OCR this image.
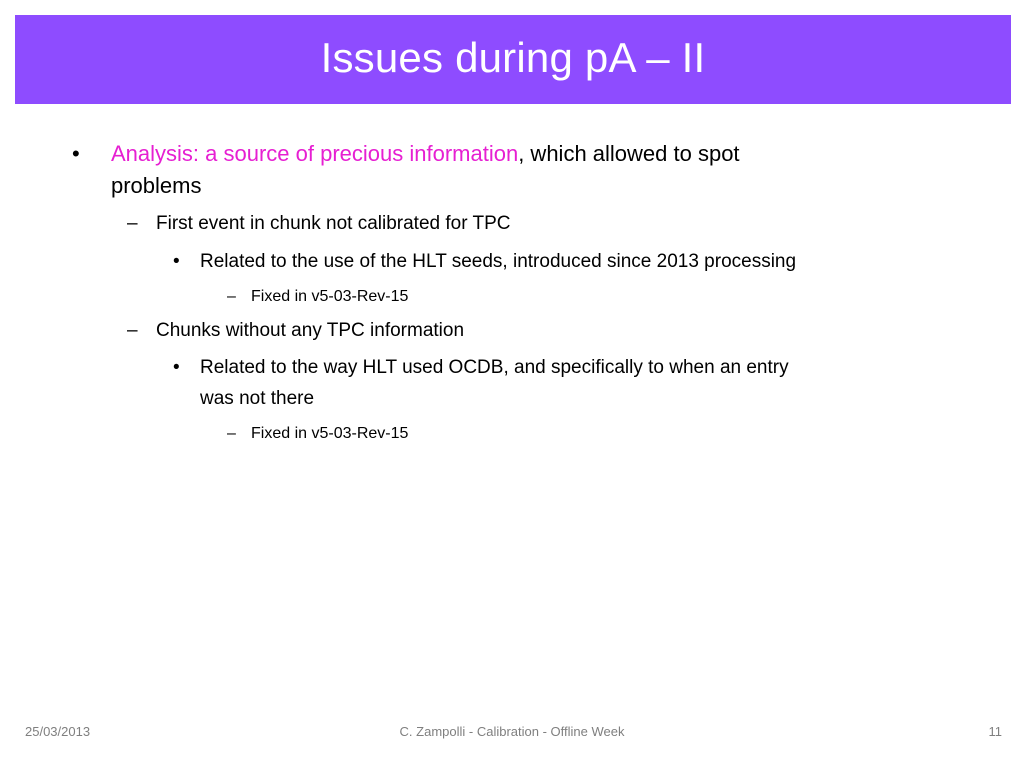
Issues during pA – II
• Analysis: a source of precious information, which allowed to spot
problems
– First event in chunk not calibrated for TPC
• Related to the use of the HLT seeds, introduced since 2013 processing
– Fixed in v5-03-Rev-15
– Chunks without any TPC information
• Related to the way HLT used OCDB, and specifically to when an entry
was not there
– Fixed in v5-03-Rev-15
25/03/2013	C. Zampolli - Calibration - Offline Week	11
